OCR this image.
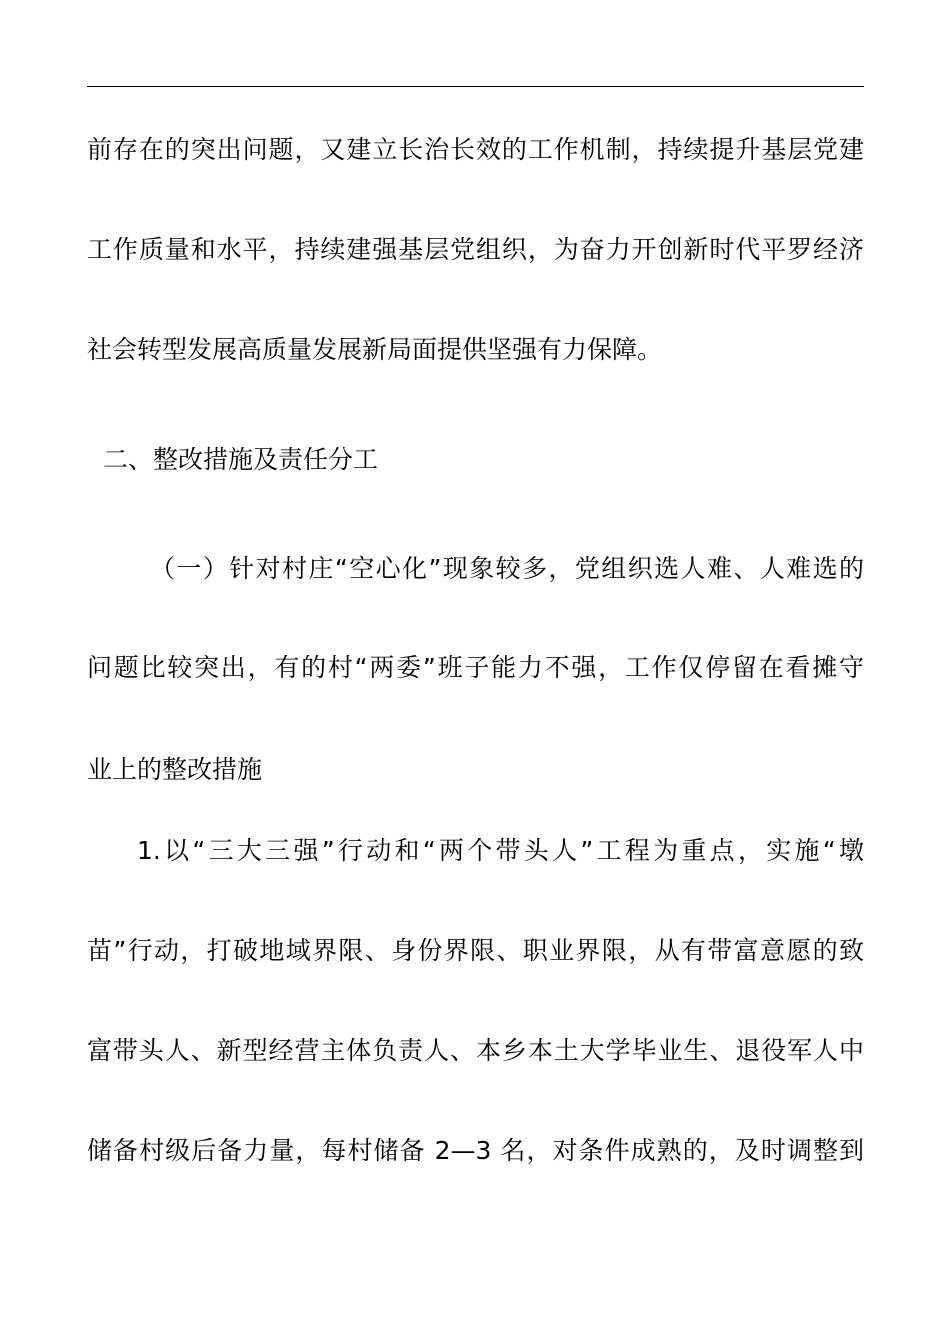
前存在的突出问题，又建立长治长效的工作机制，持续提升基层党建
工作质量和水平，持续建强基层党组织，为奋力开创新时代平罗经济
社会转型发展高质量发展新局面提供坚强有力保障。
二、整改措施及责任分工
（一）针对村庄“空心化”现象较多，党组织选人难、人难选的
问题比较突出，有的村“两委”班子能力不强，工作仅停留在看摊守
业上的整改措施
1.以“三大三强”行动和“两个带头人”工程为重点，实施“墩
苗”行动，打破地域界限、身份界限、职业界限，从有带富意愿的致
富带头人、新型经营主体负责人、本乡本土大学毕业生、退役军人中
储备村级后备力量，每村储备 2—3 名，对条件成熟的，及时调整到
